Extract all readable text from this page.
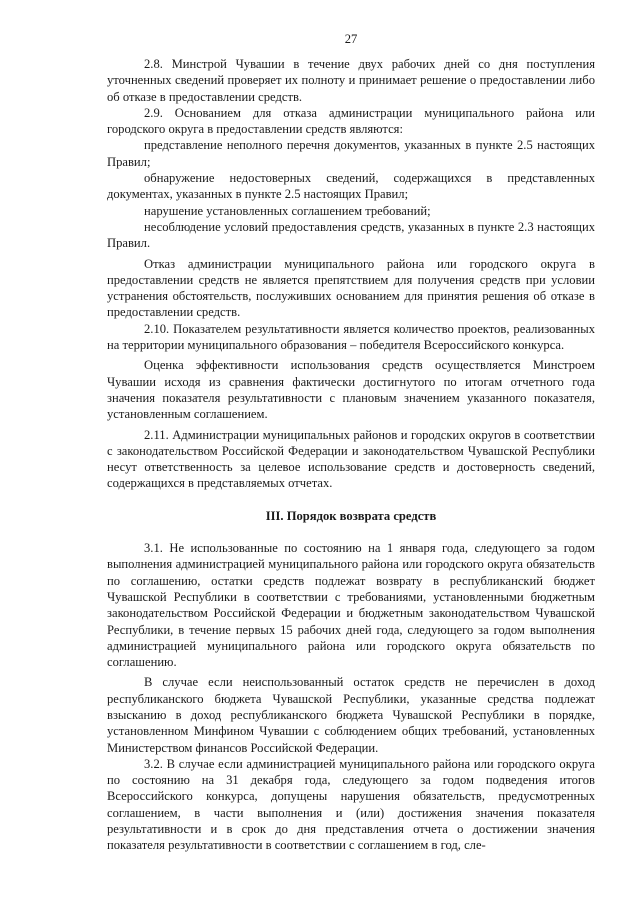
27

2.8. Минстрой Чувашии в течение двух рабочих дней со дня поступления уточненных сведений проверяет их полноту и принимает решение о предоставлении либо об отказе в предоставлении средств.

2.9. Основанием для отказа администрации муниципального района или городского округа в предоставлении средств являются:

представление неполного перечня документов, указанных в пункте 2.5 настоящих Правил;

обнаружение недостоверных сведений, содержащихся в представленных документах, указанных в пункте 2.5 настоящих Правил;

нарушение установленных соглашением требований;

несоблюдение условий предоставления средств, указанных в пункте 2.3 настоящих Правил.

Отказ администрации муниципального района или городского округа в предоставлении средств не является препятствием для получения средств при условии устранения обстоятельств, послуживших основанием для принятия решения об отказе в предоставлении средств.

2.10. Показателем результативности является количество проектов, реализованных на территории муниципального образования – победителя Всероссийского конкурса.

Оценка эффективности использования средств осуществляется Минстроем Чувашии исходя из сравнения фактически достигнутого по итогам отчетного года значения показателя результативности с плановым значением указанного показателя, установленным соглашением.

2.11. Администрации муниципальных районов и городских округов в соответствии с законодательством Российской Федерации и законодательством Чувашской Республики несут ответственность за целевое использование средств и достоверность сведений, содержащихся в представляемых отчетах.

III. Порядок возврата средств

3.1. Не использованные по состоянию на 1 января года, следующего за годом выполнения администрацией муниципального района или городского округа обязательств по соглашению, остатки средств подлежат возврату в республиканский бюджет Чувашской Республики в соответствии с требованиями, установленными бюджетным законодательством Российской Федерации и бюджетным законодательством Чувашской Республики, в течение первых 15 рабочих дней года, следующего за годом выполнения администрацией муниципального района или городского округа обязательств по соглашению.

В случае если неиспользованный остаток средств не перечислен в доход республиканского бюджета Чувашской Республики, указанные средства подлежат взысканию в доход республиканского бюджета Чувашской Республики в порядке, установленном Минфином Чувашии с соблюдением общих требований, установленных Министерством финансов Российской Федерации.

3.2. В случае если администрацией муниципального района или городского округа по состоянию на 31 декабря года, следующего за годом подведения итогов Всероссийского конкурса, допущены нарушения обязательств, предусмотренных соглашением, в части выполнения и (или) достижения значения показателя результативности и в срок до дня представления отчета о достижении значения показателя результативности в соответствии с соглашением в год, сле-
